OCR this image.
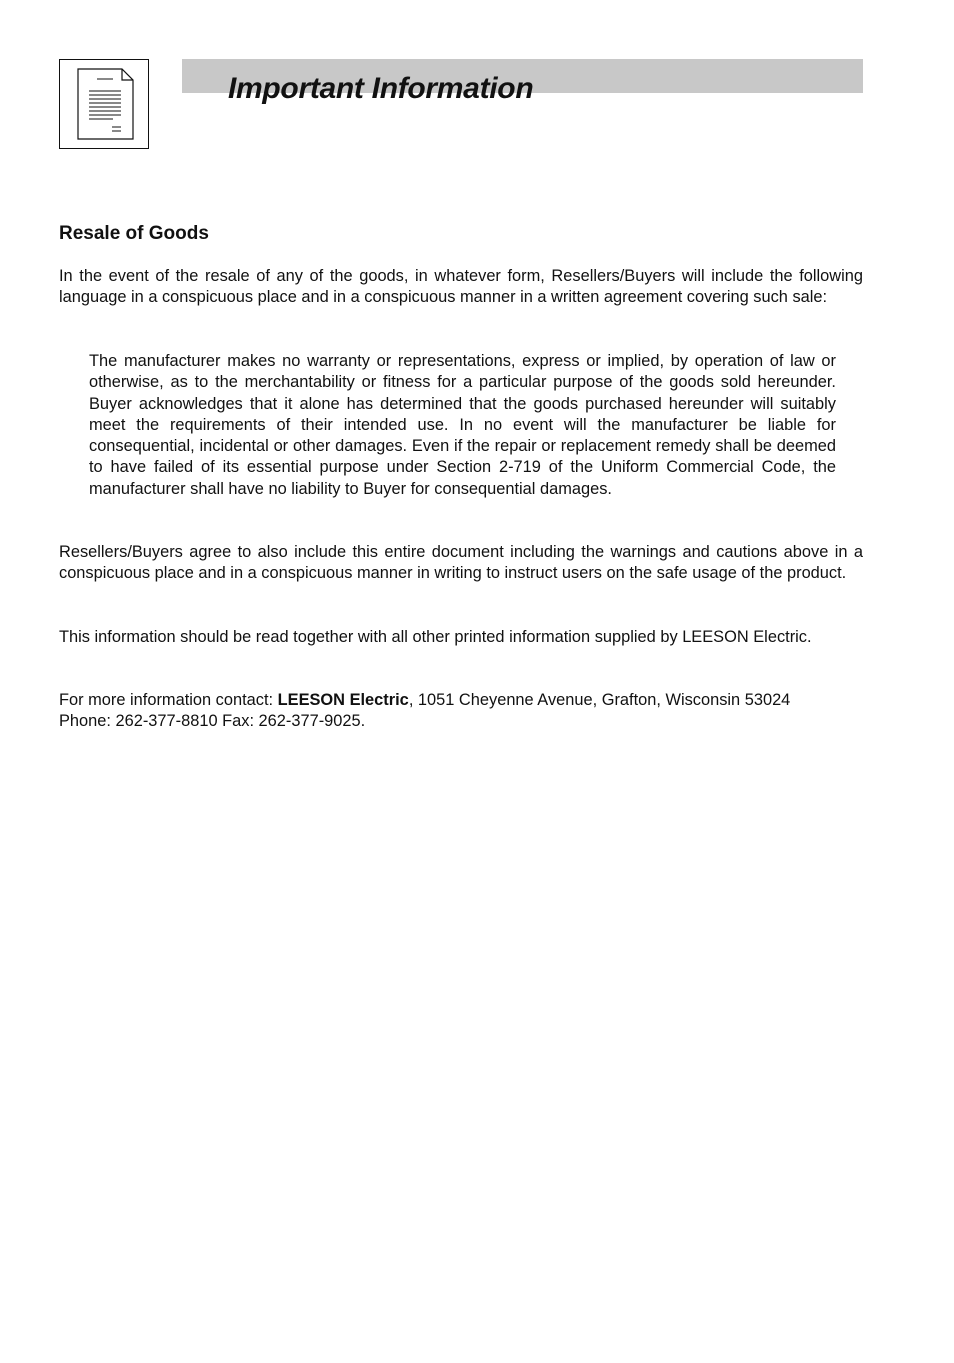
Important Information
Resale of Goods

In the event of the resale of any of the goods, in whatever form, Resellers/Buyers will include the following language in a conspicuous place and in a conspicuous manner in a written agreement covering such sale:

The manufacturer makes no warranty or representations, express or implied, by operation of law or otherwise, as to the merchantability or fitness for a particular purpose of the goods sold hereunder. Buyer acknowledges that it alone has determined that the goods purchased hereunder will suitably meet the requirements of their intended use. In no event will the manufacturer be liable for consequential, incidental or other damages. Even if the repair or replacement remedy shall be deemed to have failed of its essential purpose under Section 2-719 of the Uniform Commercial Code, the manufacturer shall have no liability to Buyer for consequential damages.

Resellers/Buyers agree to also include this entire document including the warnings and cautions above in a conspicuous place and in a conspicuous manner in writing to instruct users on the safe usage of the product.

This information should be read together with all other printed information supplied by LEESON Electric.

For more information contact: LEESON Electric, 1051 Cheyenne Avenue, Grafton, Wisconsin 53024
Phone: 262-377-8810 Fax: 262-377-9025.
